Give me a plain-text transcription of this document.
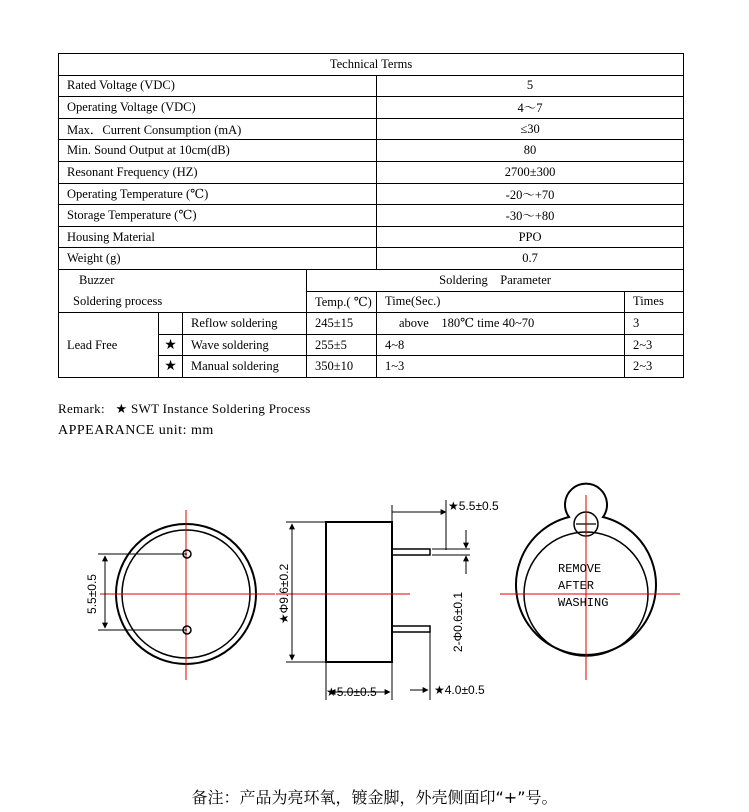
Technical Terms					
Rated Voltage (VDC)				5	
Operating Voltage (VDC)				4～7	
Max．Current Consumption (mA)				≤30	
Min. Sound Output at 10cm(dB)				80	
Resonant Frequency (HZ)				2700±300	
Operating Temperature (℃)				-20～+70	
Storage Temperature (℃)				-30～+80	
Housing Material				PPO	
Weight (g)				0.7	
Buzzer			Soldering    Parameter		
Soldering process			Temp.( ℃)	Time(Sec.)	Times
Lead Free		Reflow soldering	245±15	above    180℃ time 40~70	3
	★	Wave soldering	255±5	4~8	2~3
	★	Manual soldering	350±10	1~3	2~3
Remark:   ★ SWT Instance Soldering Process
APPEARANCE unit: mm
5.5±0.5	★Φ9.6±0.2
★5.5±0.5
2-Φ0.6±0.1
★5.0±0.5	★4.0±0.5
REMOVE
AFTER
WASHING
备注：产品为亮环氧，镀金脚，外壳侧面印“+”号。
